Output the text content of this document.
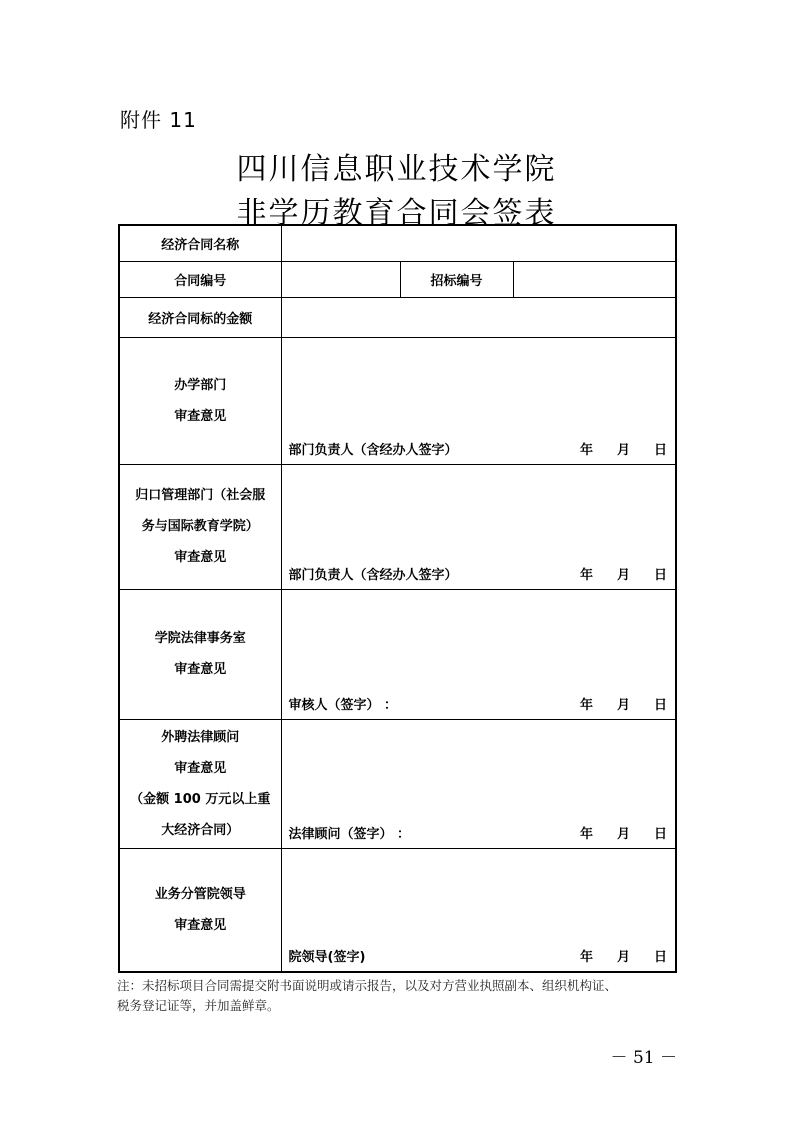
附件 11
四川信息职业技术学院
非学历教育合同会签表
经济合同名称			
合同编号		招标编号	
经济合同标的金额			

办学部门
审查意见	部门负责人（含经办人签字） 年 月 日		

归口管理部门（社会服
务与国际教育学院）
审查意见	部门负责人（含经办人签字） 年 月 日		

学院法律事务室
审查意见	审核人（签字） ： 年 月 日		

外聘法律顾问
审查意见
（金额 100 万元以上重
大经济合同）	法律顾问（签字） ： 年 月 日		

业务分管院领导
审查意见	院领导(签字) 年 月 日		
注：未招标项目合同需提交附书面说明或请示报告，以及对方营业执照副本、组织机构证、
税务登记证等，并加盖鲜章。
－ 51 －
